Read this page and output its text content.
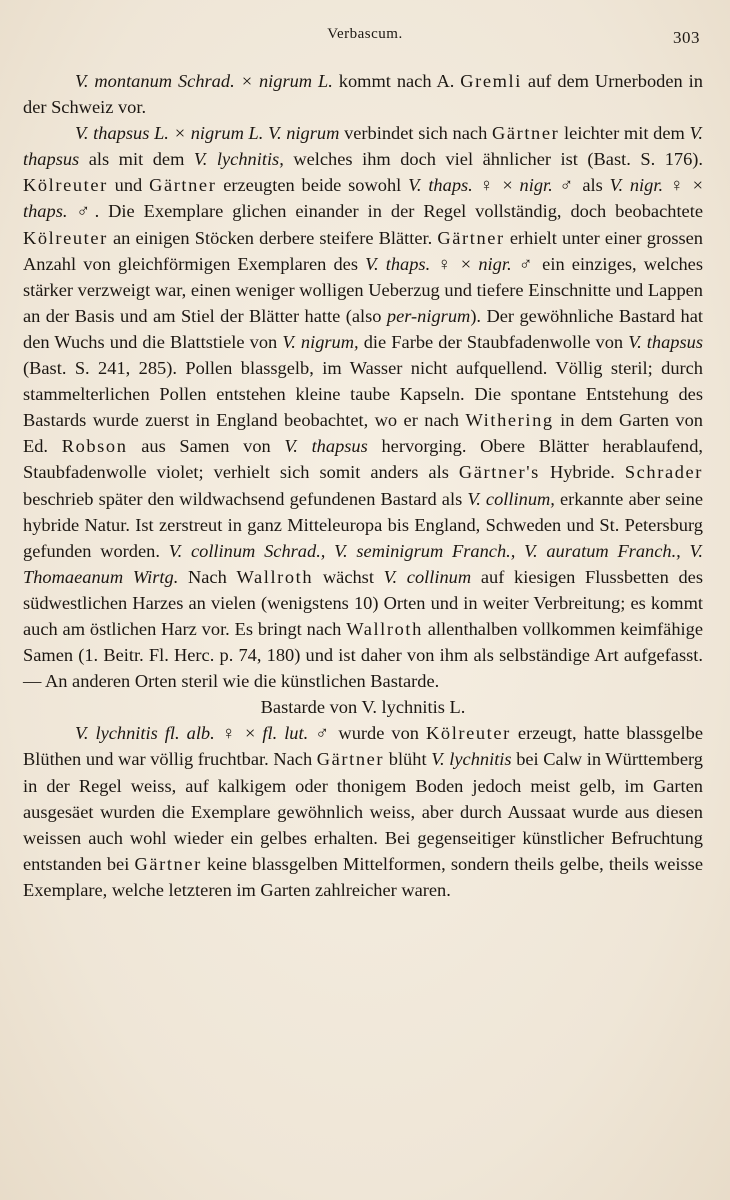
Verbascum.	303

V. montanum Schrad. × nigrum L. kommt nach A. Gremli auf dem Urnerboden in der Schweiz vor.

V. thapsus L. × nigrum L. V. nigrum verbindet sich nach Gärtner leichter mit dem V. thapsus als mit dem V. lychnitis, welches ihm doch viel ähnlicher ist (Bast. S. 176). Kölreuter und Gärtner erzeugten beide sowohl V. thaps. ♀ × nigr. ♂ als V. nigr. ♀ × thaps. ♂. Die Exemplare glichen einander in der Regel vollständig, doch beobachtete Kölreuter an einigen Stöcken derbere steifere Blätter. Gärtner erhielt unter einer grossen Anzahl von gleichförmigen Exemplaren des V. thaps. ♀ × nigr. ♂ ein einziges, welches stärker verzweigt war, einen weniger wolligen Ueberzug und tiefere Einschnitte und Lappen an der Basis und am Stiel der Blätter hatte (also per-nigrum). Der gewöhnliche Bastard hat den Wuchs und die Blattstiele von V. nigrum, die Farbe der Staubfadenwolle von V. thapsus (Bast. S. 241, 285). Pollen blassgelb, im Wasser nicht aufquellend. Völlig steril; durch stammelterlichen Pollen entstehen kleine taube Kapseln. Die spontane Entstehung des Bastards wurde zuerst in England beobachtet, wo er nach Withering in dem Garten von Ed. Robson aus Samen von V. thapsus hervorging. Obere Blätter herablaufend, Staubfadenwolle violet; verhielt sich somit anders als Gärtner's Hybride. Schrader beschrieb später den wildwachsend gefundenen Bastard als V. collinum, erkannte aber seine hybride Natur. Ist zerstreut in ganz Mitteleuropa bis England, Schweden und St. Petersburg gefunden worden. V. collinum Schrad., V. seminigrum Franch., V. auratum Franch., V. Thomaeanum Wirtg. Nach Wallroth wächst V. collinum auf kiesigen Flussbetten des südwestlichen Harzes an vielen (wenigstens 10) Orten und in weiter Verbreitung; es kommt auch am östlichen Harz vor. Es bringt nach Wallroth allenthalben vollkommen keimfähige Samen (1. Beitr. Fl. Herc. p. 74, 180) und ist daher von ihm als selbständige Art aufgefasst. — An anderen Orten steril wie die künstlichen Bastarde.

Bastarde von V. lychnitis L.

V. lychnitis fl. alb. ♀ × fl. lut. ♂ wurde von Kölreuter erzeugt, hatte blassgelbe Blüthen und war völlig fruchtbar. Nach Gärtner blüht V. lychnitis bei Calw in Württemberg in der Regel weiss, auf kalkigem oder thonigem Boden jedoch meist gelb, im Garten ausgesäet wurden die Exemplare gewöhnlich weiss, aber durch Aussaat wurde aus diesen weissen auch wohl wieder ein gelbes erhalten. Bei gegenseitiger künstlicher Befruchtung entstanden bei Gärtner keine blassgelben Mittelformen, sondern theils gelbe, theils weisse Exemplare, welche letzteren im Garten zahlreicher waren.
